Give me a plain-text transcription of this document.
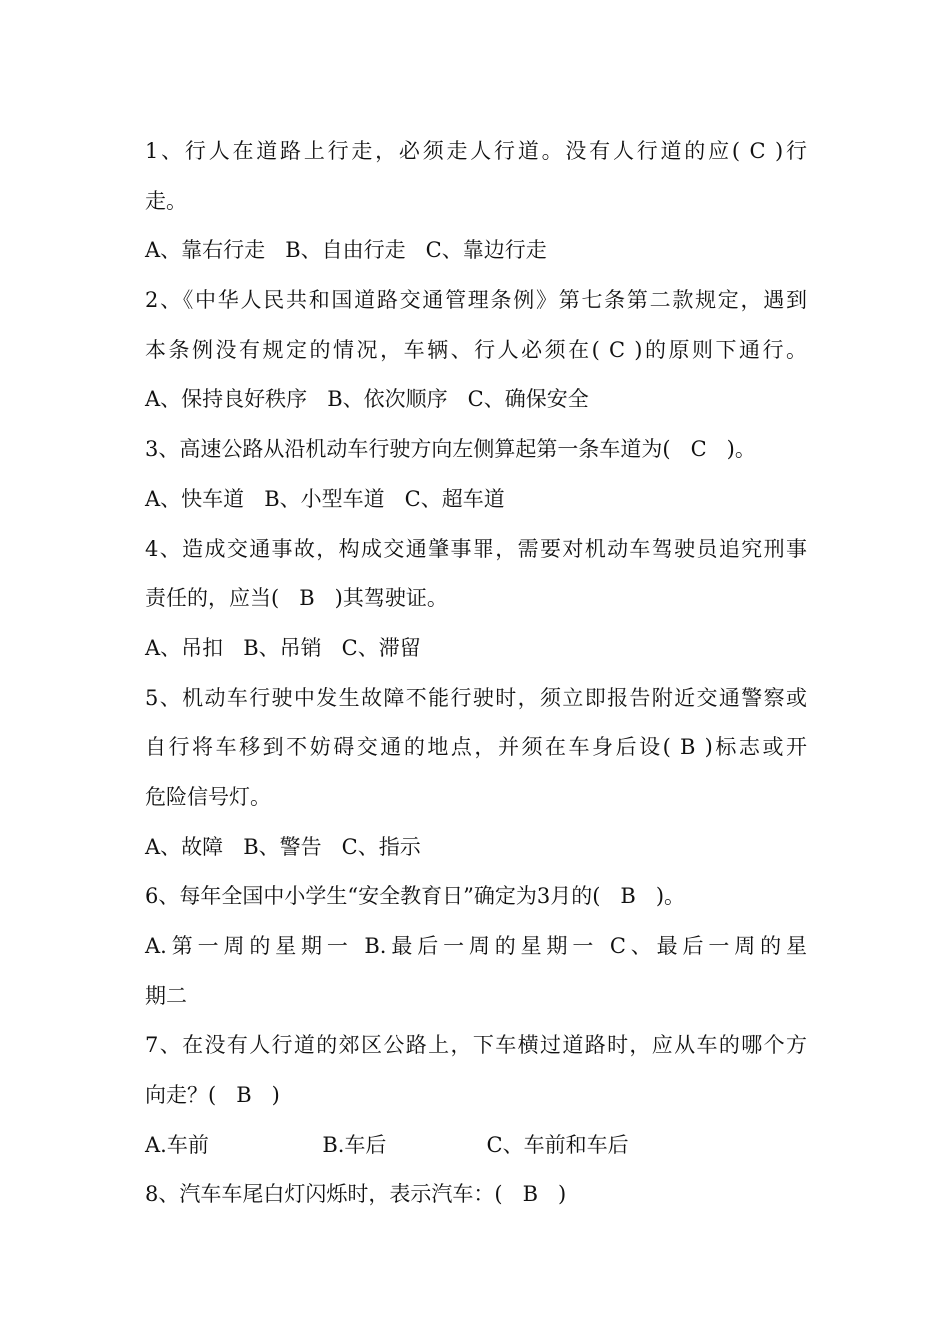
1、行人在道路上行走，必须走人行道。没有人行道的应( C )行
走。
A、靠右行走   B、自由行走   C、靠边行走
2、《中华人民共和国道路交通管理条例》第七条第二款规定，遇到
本条例没有规定的情况，车辆、行人必须在( C )的原则下通行。
A、保持良好秩序   B、依次顺序   C、确保安全
3、高速公路从沿机动车行驶方向左侧算起第一条车道为(   C   )。
A、快车道   B、小型车道   C、超车道
4、造成交通事故，构成交通肇事罪，需要对机动车驾驶员追究刑事
责任的，应当(   B   )其驾驶证。
A、吊扣   B、吊销   C、滞留
5、机动车行驶中发生故障不能行驶时，须立即报告附近交通警察或
自行将车移到不妨碍交通的地点，并须在车身后设( B )标志或开
危险信号灯。
A、故障   B、警告   C、指示
6、每年全国中小学生“安全教育日”确定为3月的(   B   )。
A.第一周的星期一 B.最后一周的星期一 C、最后一周的星
期二
7、在没有人行道的郊区公路上，下车横过道路时，应从车的哪个方
向走？(   B   )
A.车前                 B.车后               C、车前和车后
8、汽车车尾白灯闪烁时，表示汽车：(   B   )
